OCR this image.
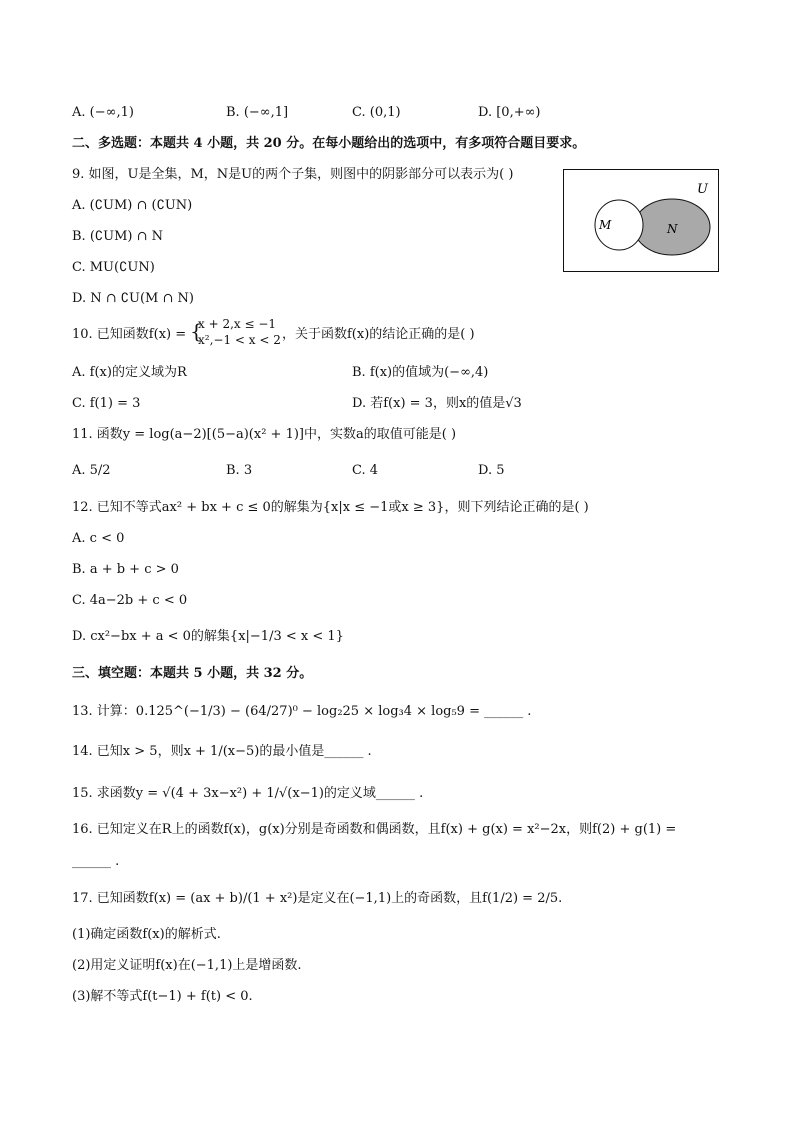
A. (−∞,1)	B. (−∞,1]	C. (0,1)	D. [0,+∞)
二、多选题：本题共 4 小题，共 20 分。在每小题给出的选项中，有多项符合题目要求。
9. 如图，U是全集，M，N是U的两个子集，则图中的阴影部分可以表示为( )
A. (∁UM) ∩ (∁UN)
B. (∁UM) ∩ N
C. MU(∁UN)
D. N ∩ ∁U(M ∩ N)
U
M	N
10. 已知函数f(x) = {
x + 2,x ≤ −1
x²,−1 < x < 2 ，关于函数f(x)的结论正确的是( )
A. f(x)的定义域为R	B. f(x)的值域为(−∞,4)
C. f(1) = 3	D. 若f(x) = 3，则x的值是√3
11. 函数y = log(a−2)[(5−a)(x² + 1)]中，实数a的取值可能是( )
A. 5/2	B. 3	C. 4	D. 5
12. 已知不等式ax² + bx + c ≤ 0的解集为{x|x ≤ −1或x ≥ 3}，则下列结论正确的是( )
A. c < 0
B. a + b + c > 0
C. 4a−2b + c < 0
D. cx²−bx + a < 0的解集{x|−1/3 < x < 1}
三、填空题：本题共 5 小题，共 32 分。
13. 计算：0.125^(−1/3) − (64/27)⁰ − log₂25 × log₃4 × log₅9 = ______ .
14. 已知x > 5，则x + 1/(x−5)的最小值是______ .
15. 求函数y = √(4 + 3x−x²) + 1/√(x−1)的定义域______ .
16. 已知定义在R上的函数f(x)，g(x)分别是奇函数和偶函数，且f(x) + g(x) = x²−2x，则f(2) + g(1) =
______ .
17. 已知函数f(x) = (ax + b)/(1 + x²)是定义在(−1,1)上的奇函数，且f(1/2) = 2/5.
(1)确定函数f(x)的解析式.
(2)用定义证明f(x)在(−1,1)上是增函数.
(3)解不等式f(t−1) + f(t) < 0.
